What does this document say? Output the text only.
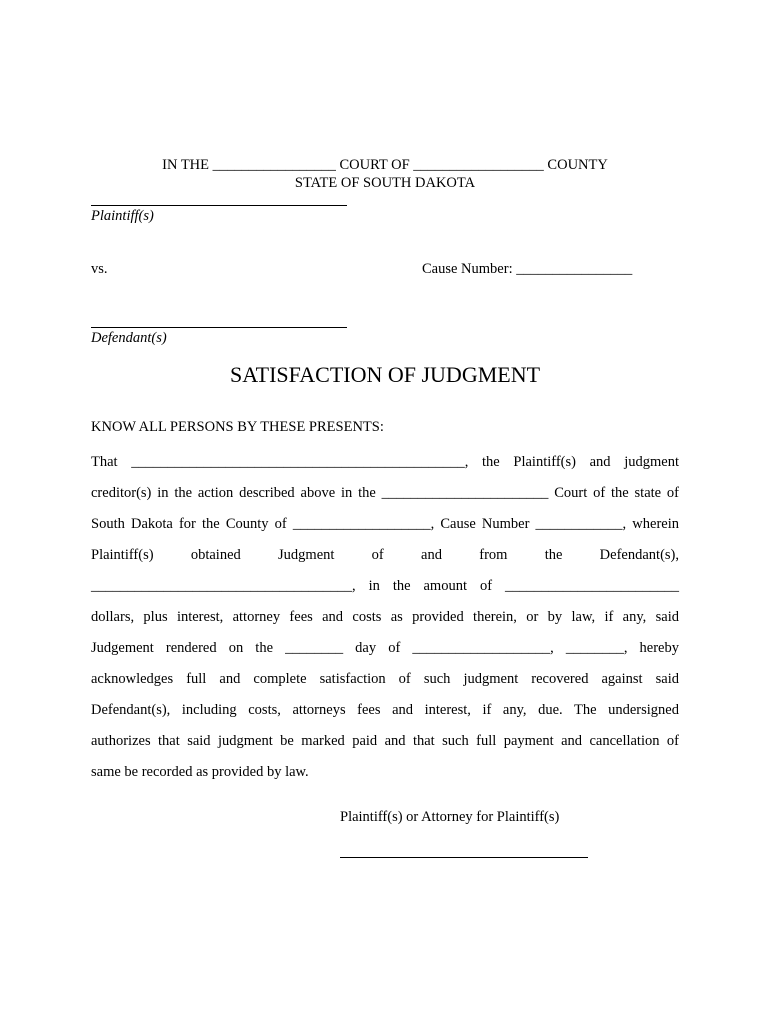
IN THE _________________ COURT OF __________________ COUNTY
STATE OF SOUTH DAKOTA
Plaintiff(s)
vs.	Cause Number: ________________
Defendant(s)
SATISFACTION OF JUDGMENT
KNOW ALL PERSONS BY THESE PRESENTS:
That ______________________________________________, the Plaintiff(s) and judgment
creditor(s) in the action described above in the _______________________ Court of the state of
South Dakota for the County of ___________________, Cause Number ____________, wherein
Plaintiff(s) obtained Judgment of and from the Defendant(s),
____________________________________, in the amount of ________________________
dollars, plus interest, attorney fees and costs as provided therein, or by law, if any, said
Judgement rendered on the ________ day of ___________________, ________, hereby
acknowledges full and complete satisfaction of such judgment recovered against said
Defendant(s), including costs, attorneys fees and interest, if any, due. The undersigned
authorizes that said judgment be marked paid and that such full payment and cancellation of
same be recorded as provided by law.
Plaintiff(s) or Attorney for Plaintiff(s)
